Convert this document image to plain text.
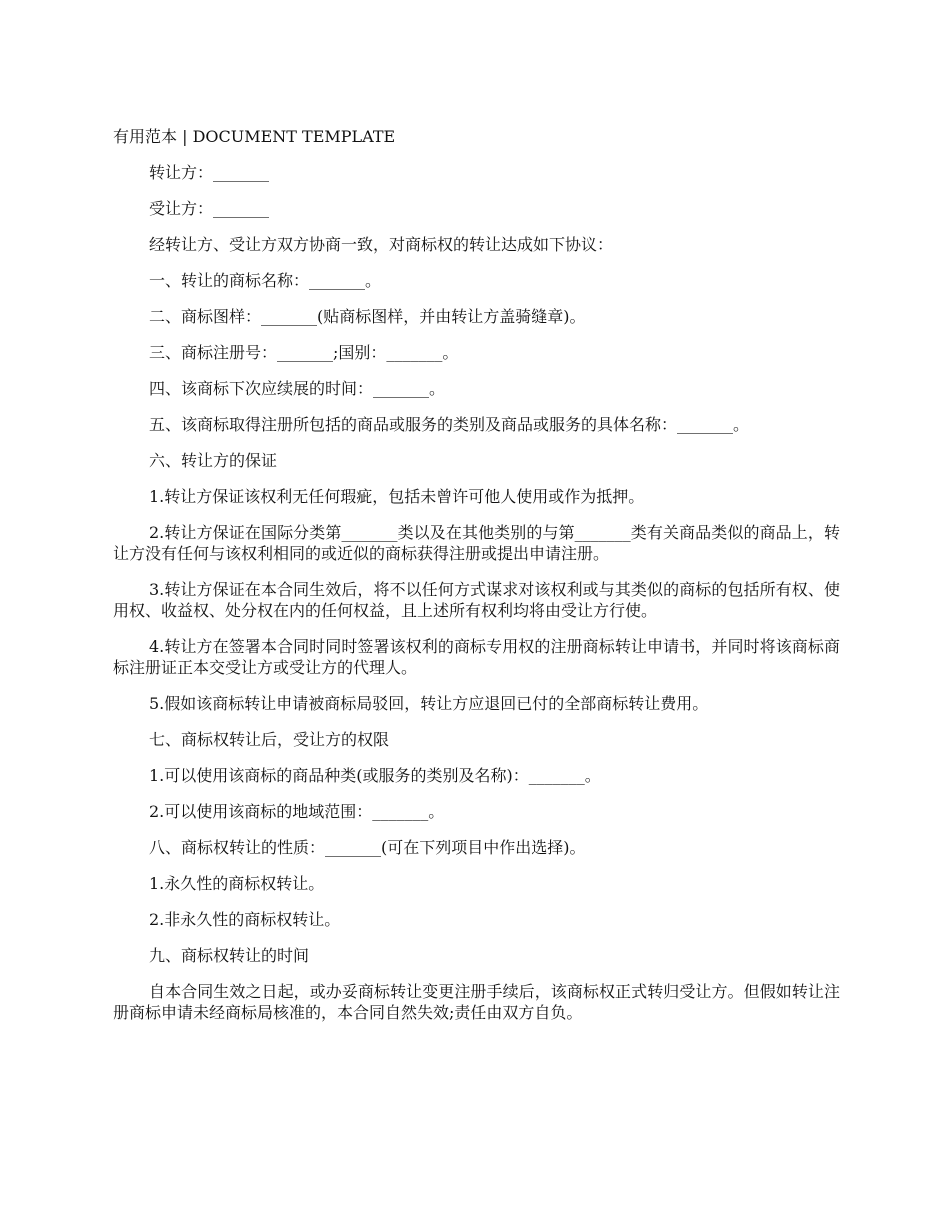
有用范本 | DOCUMENT TEMPLATE

转让方：_______

受让方：_______

经转让方、受让方双方协商一致，对商标权的转让达成如下协议：

一、转让的商标名称：_______。

二、商标图样：_______(贴商标图样，并由转让方盖骑缝章)。

三、商标注册号：_______;国别：_______。

四、该商标下次应续展的时间：_______。

五、该商标取得注册所包括的商品或服务的类别及商品或服务的具体名称：_______。

六、转让方的保证

1.转让方保证该权利无任何瑕疵，包括未曾许可他人使用或作为抵押。

2.转让方保证在国际分类第_______类以及在其他类别的与第_______类有关商品类似的商品上，转让方没有任何与该权利相同的或近似的商标获得注册或提出申请注册。

3.转让方保证在本合同生效后，将不以任何方式谋求对该权利或与其类似的商标的包括所有权、使用权、收益权、处分权在内的任何权益，且上述所有权利均将由受让方行使。

4.转让方在签署本合同时同时签署该权利的商标专用权的注册商标转让申请书，并同时将该商标商标注册证正本交受让方或受让方的代理人。

5.假如该商标转让申请被商标局驳回，转让方应退回已付的全部商标转让费用。

七、商标权转让后，受让方的权限

1.可以使用该商标的商品种类(或服务的类别及名称)：_______。

2.可以使用该商标的地域范围：_______。

八、商标权转让的性质：_______(可在下列项目中作出选择)。

1.永久性的商标权转让。

2.非永久性的商标权转让。

九、商标权转让的时间

自本合同生效之日起，或办妥商标转让变更注册手续后，该商标权正式转归受让方。但假如转让注册商标申请未经商标局核准的，本合同自然失效;责任由双方自负。
